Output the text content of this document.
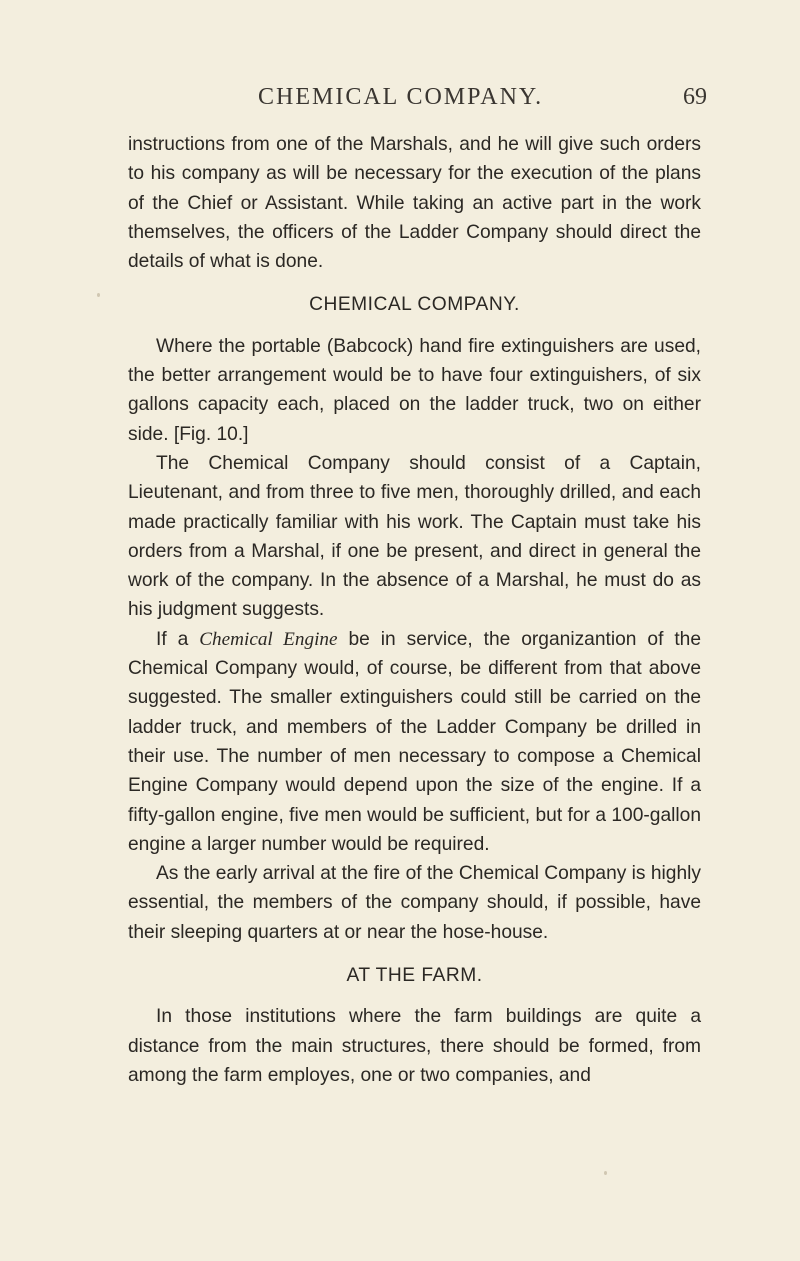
CHEMICAL COMPANY.	69

instructions from one of the Marshals, and he will give such orders to his company as will be necessary for the execution of the plans of the Chief or Assistant. While taking an active part in the work themselves, the officers of the Ladder Company should direct the details of what is done.

CHEMICAL COMPANY.

Where the portable (Babcock) hand fire extinguishers are used, the better arrangement would be to have four extinguishers, of six gallons capacity each, placed on the ladder truck, two on either side. [Fig. 10.]

The Chemical Company should consist of a Captain, Lieutenant, and from three to five men, thoroughly drilled, and each made practically familiar with his work. The Captain must take his orders from a Marshal, if one be present, and direct in general the work of the company. In the absence of a Marshal, he must do as his judgment suggests.

If a Chemical Engine be in service, the organizantion of the Chemical Company would, of course, be different from that above suggested. The smaller extinguishers could still be carried on the ladder truck, and members of the Ladder Company be drilled in their use. The number of men necessary to compose a Chemical Engine Company would depend upon the size of the engine. If a fifty-gallon engine, five men would be sufficient, but for a 100-gallon engine a larger number would be required.

As the early arrival at the fire of the Chemical Company is highly essential, the members of the company should, if possible, have their sleeping quarters at or near the hose-house.

AT THE FARM.

In those institutions where the farm buildings are quite a distance from the main structures, there should be formed, from among the farm employes, one or two companies, and
